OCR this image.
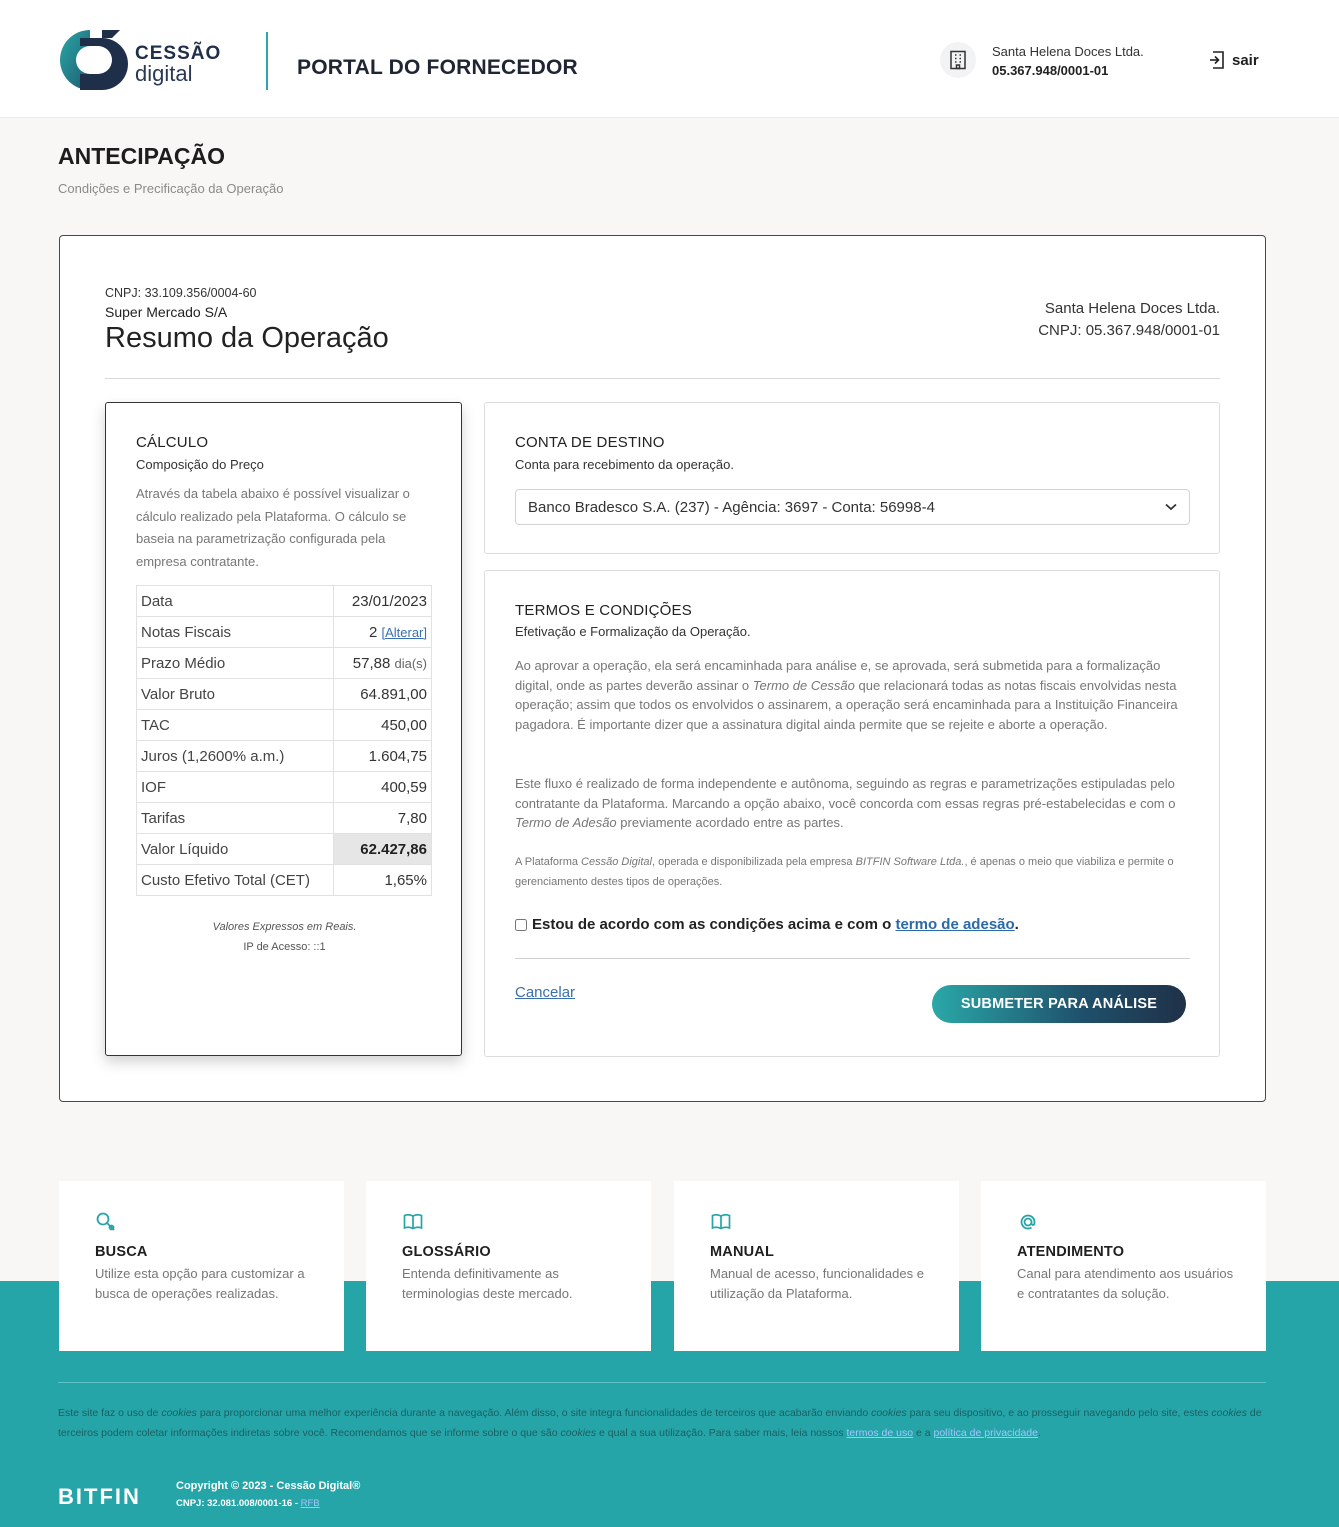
CESSÃO
digital	PORTAL DO FORNECEDOR
Santa Helena Doces Ltda.
05.367.948/0001-01
sair
ANTECIPAÇÃO
Condições e Precificação da Operação
CNPJ: 33.109.356/0004-60
Super Mercado S/A
Resumo da Operação
Santa Helena Doces Ltda.
CNPJ: 05.367.948/0001-01
CÁLCULO
Composição do Preço
Através da tabela abaixo é possível visualizar o cálculo realizado pela Plataforma. O cálculo se baseia na parametrização configurada pela empresa contratante.
Data	23/01/2023
Notas Fiscais	2 [Alterar]
Prazo Médio	57,88 dia(s)
Valor Bruto	64.891,00
TAC	450,00
Juros (1,2600% a.m.)	1.604,75
IOF	400,59
Tarifas	7,80
Valor Líquido	62.427,86
Custo Efetivo Total (CET)	1,65%
Valores Expressos em Reais.
IP de Acesso: ::1
CONTA DE DESTINO
Conta para recebimento da operação.
Banco Bradesco S.A. (237) - Agência: 3697 - Conta: 56998-4
TERMOS E CONDIÇÕES
Efetivação e Formalização da Operação.

Ao aprovar a operação, ela será encaminhada para análise e, se aprovada, será submetida para a formalização digital, onde as partes deverão assinar o Termo de Cessão que relacionará todas as notas fiscais envolvidas nesta operação; assim que todos os envolvidos o assinarem, a operação será encaminhada para a Instituição Financeira pagadora. É importante dizer que a assinatura digital ainda permite que se rejeite e aborte a operação.

Este fluxo é realizado de forma independente e autônoma, seguindo as regras e parametrizações estipuladas pelo contratante da Plataforma. Marcando a opção abaixo, você concorda com essas regras pré-estabelecidas e com o Termo de Adesão previamente acordado entre as partes.

A Plataforma Cessão Digital, operada e disponibilizada pela empresa BITFIN Software Ltda., é apenas o meio que viabiliza e permite o gerenciamento destes tipos de operações.

Estou de acordo com as condições acima e com o termo de adesão.
Cancelar
SUBMETER PARA ANÁLISE
BUSCA
Utilize esta opção para customizar a busca de operações realizadas.
GLOSSÁRIO
Entenda definitivamente as terminologias deste mercado.
MANUAL
Manual de acesso, funcionalidades e utilização da Plataforma.
ATENDIMENTO
Canal para atendimento aos usuários e contratantes da solução.

Este site faz o uso de cookies para proporcionar uma melhor experiência durante a navegação. Além disso, o site integra funcionalidades de terceiros que acabarão enviando cookies para seu dispositivo, e ao prosseguir navegando pelo site, estes cookies de terceiros podem coletar informações indiretas sobre você. Recomendamos que se informe sobre o que são cookies e qual a sua utilização. Para saber mais, leia nossos termos de uso e a política de privacidade.

BITFIN	Copyright © 2023 - Cessão Digital®
CNPJ: 32.081.008/0001-16 - RFB
